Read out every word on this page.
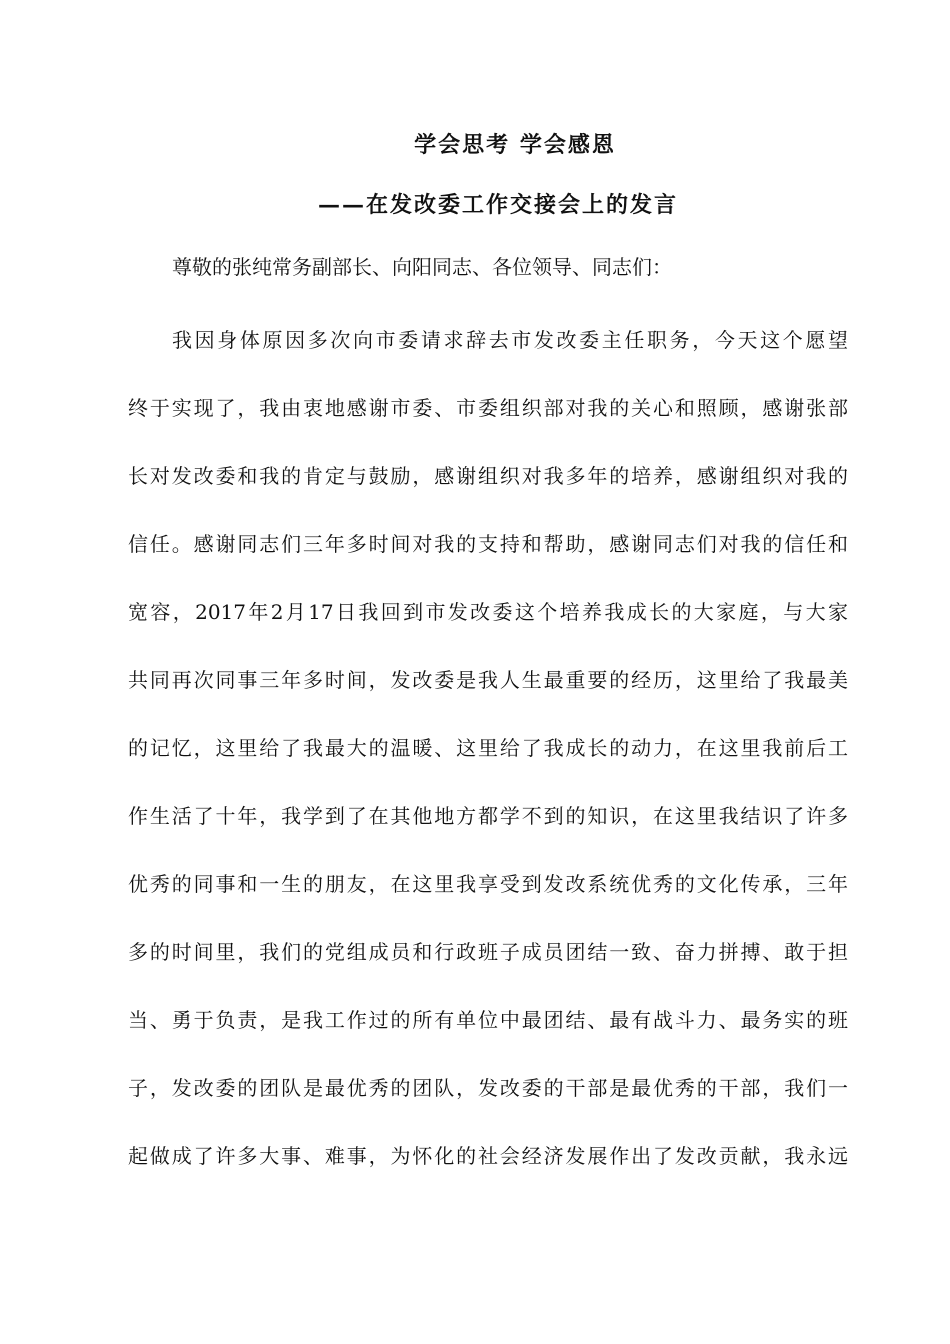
学会思考 学会感恩
——在发改委工作交接会上的发言
尊敬的张纯常务副部长、向阳同志、各位领导、同志们：
我因身体原因多次向市委请求辞去市发改委主任职务，今天这个愿望
终于实现了，我由衷地感谢市委、市委组织部对我的关心和照顾，感谢张部
长对发改委和我的肯定与鼓励，感谢组织对我多年的培养，感谢组织对我的
信任。感谢同志们三年多时间对我的支持和帮助，感谢同志们对我的信任和
宽容，2017年2月17日我回到市发改委这个培养我成长的大家庭，与大家
共同再次同事三年多时间，发改委是我人生最重要的经历，这里给了我最美
的记忆，这里给了我最大的温暖、这里给了我成长的动力，在这里我前后工
作生活了十年，我学到了在其他地方都学不到的知识，在这里我结识了许多
优秀的同事和一生的朋友，在这里我享受到发改系统优秀的文化传承，三年
多的时间里，我们的党组成员和行政班子成员团结一致、奋力拼搏、敢于担
当、勇于负责，是我工作过的所有单位中最团结、最有战斗力、最务实的班
子，发改委的团队是最优秀的团队，发改委的干部是最优秀的干部，我们一
起做成了许多大事、难事，为怀化的社会经济发展作出了发改贡献，我永远
